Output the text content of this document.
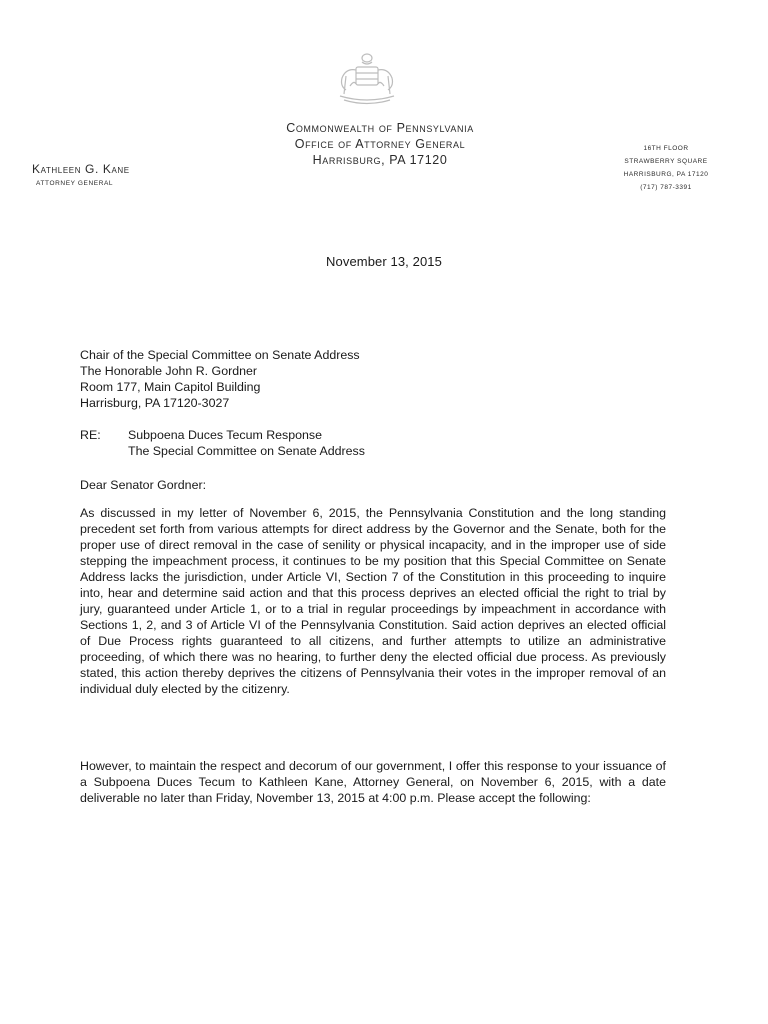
Commonwealth of Pennsylvania
Office of Attorney General
Harrisburg, PA 17120
Kathleen G. Kane
ATTORNEY GENERAL
16TH FLOOR
STRAWBERRY SQUARE
HARRISBURG, PA 17120
(717) 787-3391
November 13, 2015
Chair of the Special Committee on Senate Address
The Honorable John R. Gordner
Room 177, Main Capitol Building
Harrisburg, PA 17120-3027
RE: Subpoena Duces Tecum Response
The Special Committee on Senate Address
Dear Senator Gordner:
As discussed in my letter of November 6, 2015, the Pennsylvania Constitution and the long standing precedent set forth from various attempts for direct address by the Governor and the Senate, both for the proper use of direct removal in the case of senility or physical incapacity, and in the improper use of side stepping the impeachment process, it continues to be my position that this Special Committee on Senate Address lacks the jurisdiction, under Article VI, Section 7 of the Constitution in this proceeding to inquire into, hear and determine said action and that this process deprives an elected official the right to trial by jury, guaranteed under Article 1, or to a trial in regular proceedings by impeachment in accordance with Sections 1, 2, and 3 of Article VI of the Pennsylvania Constitution. Said action deprives an elected official of Due Process rights guaranteed to all citizens, and further attempts to utilize an administrative proceeding, of which there was no hearing, to further deny the elected official due process. As previously stated, this action thereby deprives the citizens of Pennsylvania their votes in the improper removal of an individual duly elected by the citizenry.
However, to maintain the respect and decorum of our government, I offer this response to your issuance of a Subpoena Duces Tecum to Kathleen Kane, Attorney General, on November 6, 2015, with a date deliverable no later than Friday, November 13, 2015 at 4:00 p.m. Please accept the following:
